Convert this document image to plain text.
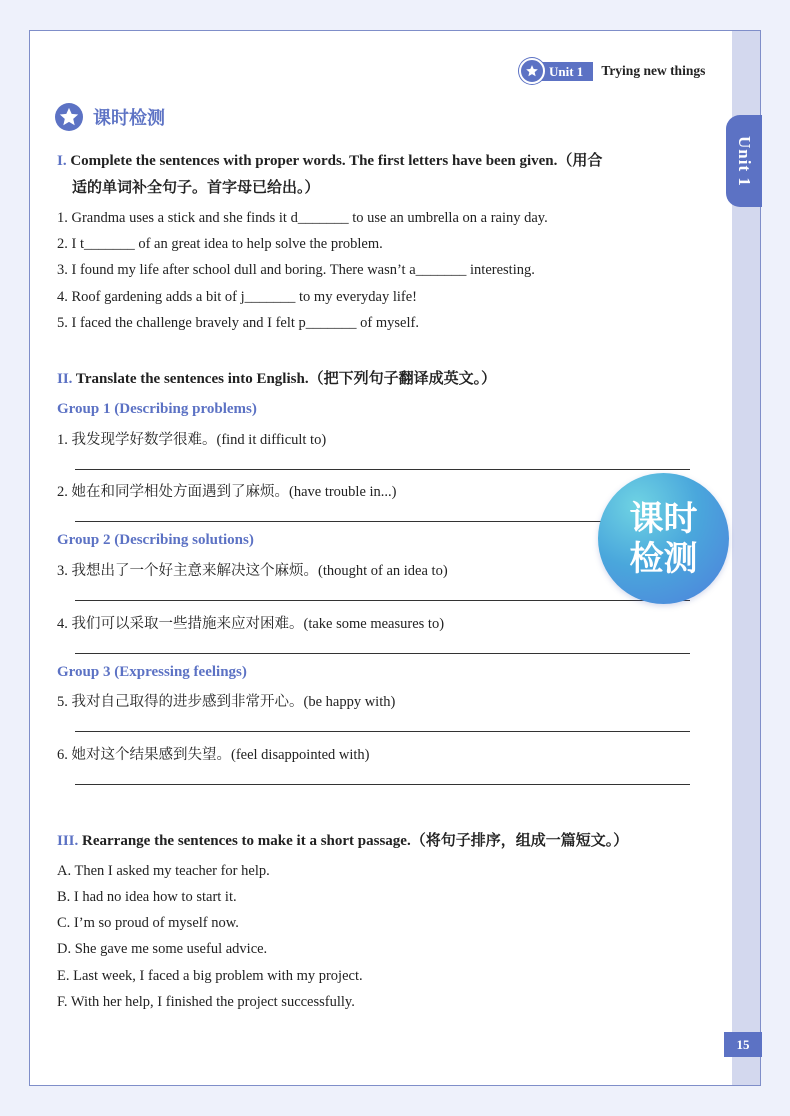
Unit 1	Trying new things
Unit 1
课时检测
I. Complete the sentences with proper words. The first letters have been given.（用合
适的单词补全句子。首字母已给出。）
1. Grandma uses a stick and she finds it d_______ to use an umbrella on a rainy day.
2. I t_______ of an great idea to help solve the problem.
3. I found my life after school dull and boring. There wasn’t a_______ interesting.
4. Roof gardening adds a bit of j_______ to my everyday life!
5. I faced the challenge bravely and I felt p_______ of myself.
II. Translate the sentences into English.（把下列句子翻译成英文。）
Group 1 (Describing problems)
1. 我发现学好数学很难。(find it difficult to)
2. 她在和同学相处方面遇到了麻烦。(have trouble in...)
Group 2 (Describing solutions)
3. 我想出了一个好主意来解决这个麻烦。(thought of an idea to)
4. 我们可以采取一些措施来应对困难。(take some measures to)
Group 3 (Expressing feelings)
5. 我对自己取得的进步感到非常开心。(be happy with)
6. 她对这个结果感到失望。(feel disappointed with)
III. Rearrange the sentences to make it a short passage.（将句子排序，组成一篇短文。）
A. Then I asked my teacher for help.
B. I had no idea how to start it.
C. I’m so proud of myself now.
D. She gave me some useful advice.
E. Last week, I faced a big problem with my project.
F. With her help, I finished the project successfully.
课时
检测
15
